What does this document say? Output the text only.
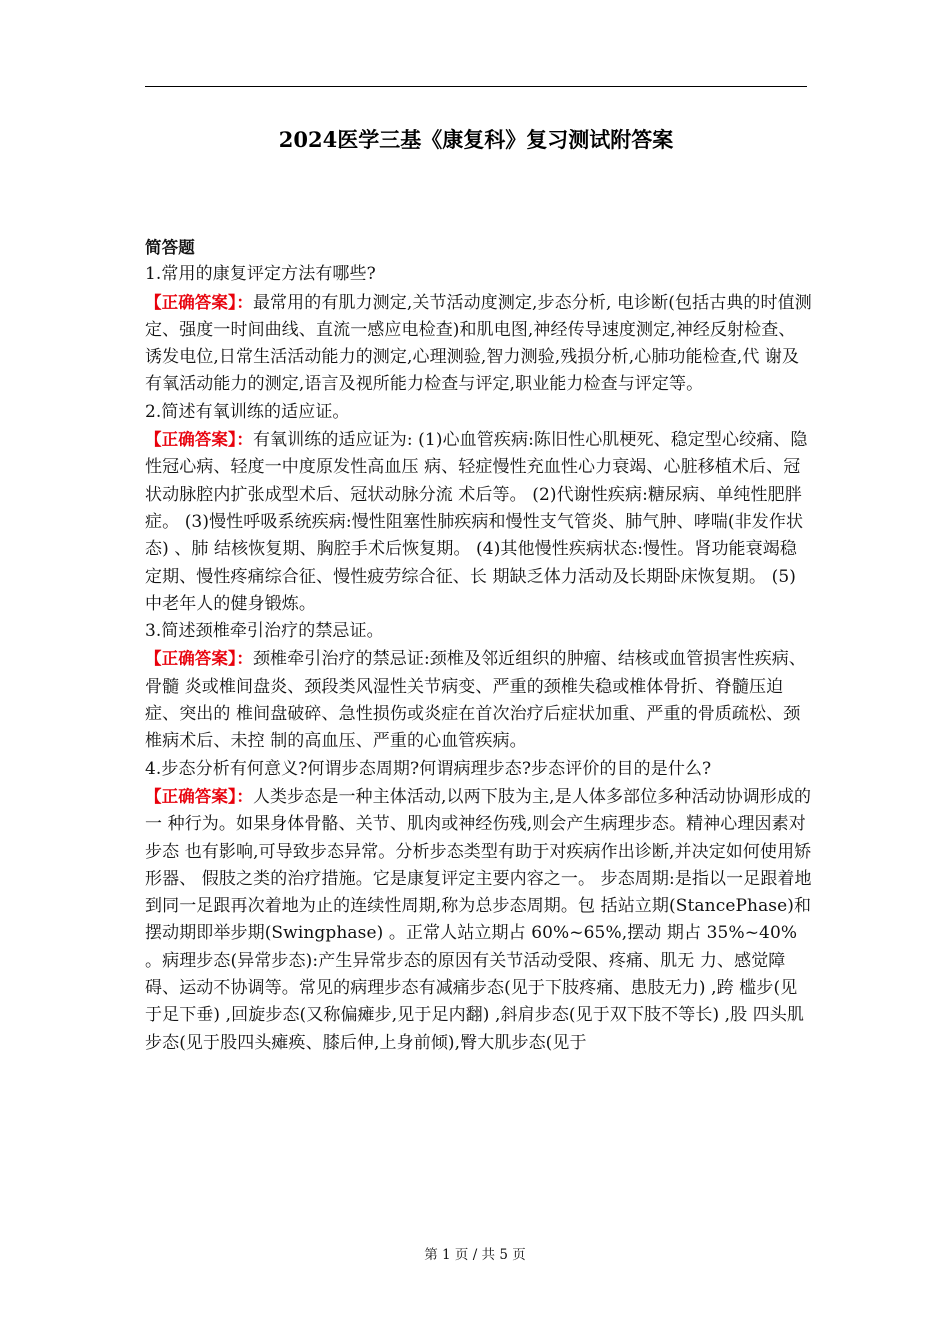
2024医学三基《康复科》复习测试附答案

简答题

1.常用的康复评定方法有哪些?

【正确答案】：最常用的有肌力测定,关节活动度测定,步态分析, 电诊断(包括古典的时值测 定、强度一时间曲线、直流一感应电检查)和肌电图,神经传导速度测定,神经反射检查、 诱发电位,日常生活活动能力的测定,心理测验,智力测验,残损分析,心肺功能检查,代 谢及有氧活动能力的测定,语言及视所能力检查与评定,职业能力检查与评定等。

2.简述有氧训练的适应证。

【正确答案】：有氧训练的适应证为: (1)心血管疾病:陈旧性心肌梗死、稳定型心绞痛、隐性冠心病、轻度一中度原发性高血压 病、轻症慢性充血性心力衰竭、心脏移植术后、冠状动脉腔内扩张成型术后、冠状动脉分流 术后等。 (2)代谢性疾病:糖尿病、单纯性肥胖症。 (3)慢性呼吸系统疾病:慢性阻塞性肺疾病和慢性支气管炎、肺气肿、哮喘(非发作状态) 、肺 结核恢复期、胸腔手术后恢复期。 (4)其他慢性疾病状态:慢性。肾功能衰竭稳定期、慢性疼痛综合征、慢性疲劳综合征、长 期缺乏体力活动及长期卧床恢复期。 (5)中老年人的健身锻炼。

3.简述颈椎牵引治疗的禁忌证。

【正确答案】：颈椎牵引治疗的禁忌证:颈椎及邻近组织的肿瘤、结核或血管损害性疾病、骨髓 炎或椎间盘炎、颈段类风湿性关节病变、严重的颈椎失稳或椎体骨折、脊髓压迫症、突出的 椎间盘破碎、急性损伤或炎症在首次治疗后症状加重、严重的骨质疏松、颈椎病术后、未控 制的高血压、严重的心血管疾病。

4.步态分析有何意义?何谓步态周期?何谓病理步态?步态评价的目的是什么?

【正确答案】：人类步态是一种主体活动,以两下肢为主,是人体多部位多种活动协调形成的一 种行为。如果身体骨骼、关节、肌肉或神经伤残,则会产生病理步态。精神心理因素对步态 也有影响,可导致步态异常。分析步态类型有助于对疾病作出诊断,并决定如何使用矫形器、 假肢之类的治疗措施。它是康复评定主要内容之一。 步态周期:是指以一足跟着地到同一足跟再次着地为止的连续性周期,称为总步态周期。包 括站立期(StancePhase)和摆动期即举步期(Swingphase) 。正常人站立期占 60%~65%,摆动 期占 35%~40% 。病理步态(异常步态):产生异常步态的原因有关节活动受限、疼痛、肌无 力、感觉障碍、运动不协调等。常见的病理步态有减痛步态(见于下肢疼痛、患肢无力) ,跨 槛步(见于足下垂) ,回旋步态(又称偏瘫步,见于足内翻) ,斜肩步态(见于双下肢不等长) ,股 四头肌步态(见于股四头瘫痪、膝后伸,上身前倾),臀大肌步态(见于

第 1 页 / 共 5 页
